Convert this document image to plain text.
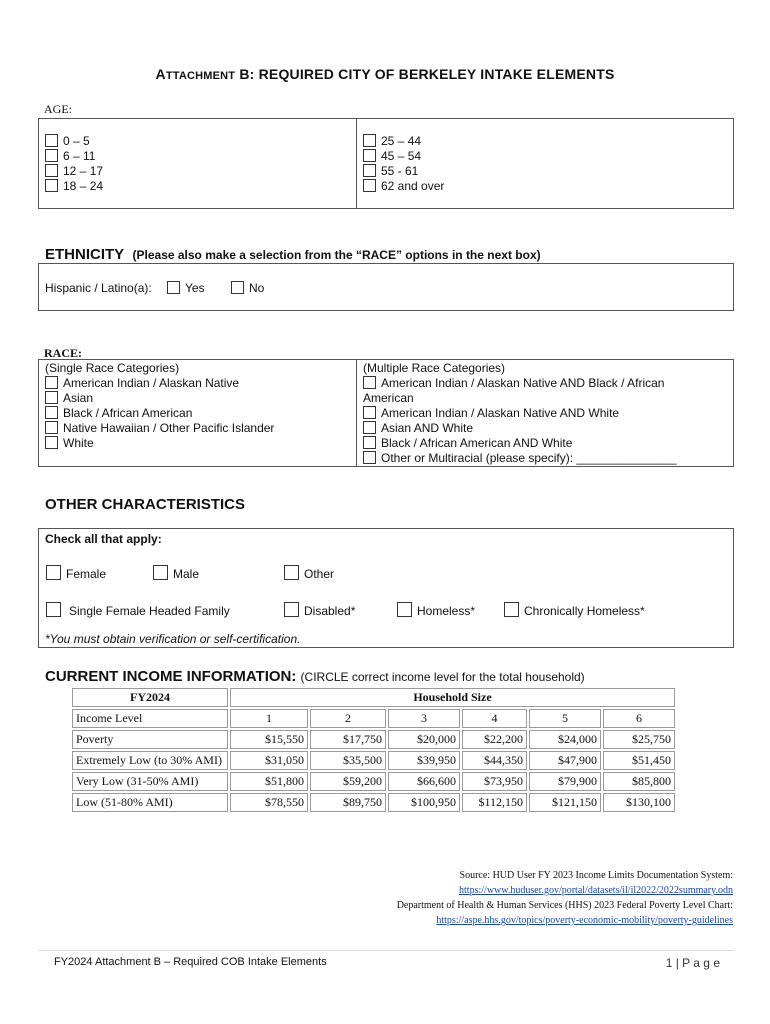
ATTACHMENT B: REQUIRED CITY OF BERKELEY INTAKE ELEMENTS
AGE:
0 – 5
6 – 11
12 – 17
18 – 24
25 – 44
45 – 54
55 - 61
62 and over
ETHNICITY (Please also make a selection from the “RACE” options in the next box)
Hispanic / Latino(a):	Yes	No
RACE:
(Single Race Categories)
American Indian / Alaskan Native
Asian
Black / African American
Native Hawaiian / Other Pacific Islander
White
(Multiple Race Categories)
American Indian / Alaskan Native AND Black / African
American
American Indian / Alaskan Native AND White
Asian AND White
Black / African American AND White
Other or Multiracial (please specify): _______________
OTHER CHARACTERISTICS
Check all that apply:
Female	Male	Other
Single Female Headed Family	Disabled*	Homeless*	Chronically Homeless*
*You must obtain verification or self-certification.
CURRENT INCOME INFORMATION: (CIRCLE correct income level for the total household)
FY2024	Household Size					
Income Level	1	2	3	4	5	6
Poverty	$15,550	$17,750	$20,000	$22,200	$24,000	$25,750
Extremely Low (to 30% AMI)	$31,050	$35,500	$39,950	$44,350	$47,900	$51,450
Very Low (31-50% AMI)	$51,800	$59,200	$66,600	$73,950	$79,900	$85,800
Low (51-80% AMI)	$78,550	$89,750	$100,950	$112,150	$121,150	$130,100
Source: HUD User FY 2023 Income Limits Documentation System:
https://www.huduser.gov/portal/datasets/il/il2022/2022summary.odn
Department of Health & Human Services (HHS) 2023 Federal Poverty Level Chart:
https://aspe.hhs.gov/topics/poverty-economic-mobility/poverty-guidelines
FY2024 Attachment B – Required COB Intake Elements	1 | P a g e
